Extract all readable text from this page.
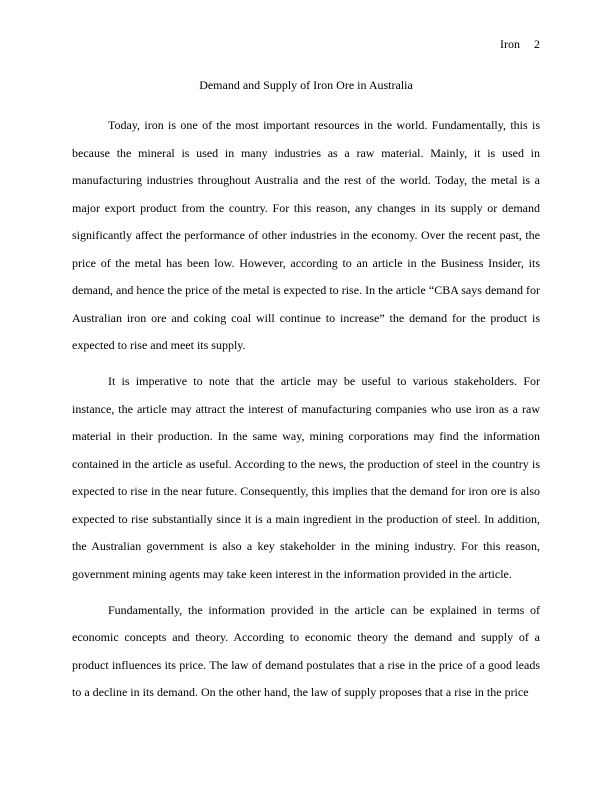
Iron 2
Demand and Supply of Iron Ore in Australia

Today, iron is one of the most important resources in the world. Fundamentally, this is because the mineral is used in many industries as a raw material. Mainly, it is used in manufacturing industries throughout Australia and the rest of the world. Today, the metal is a major export product from the country. For this reason, any changes in its supply or demand significantly affect the performance of other industries in the economy. Over the recent past, the price of the metal has been low. However, according to an article in the Business Insider, its demand, and hence the price of the metal is expected to rise. In the article “CBA says demand for Australian iron ore and coking coal will continue to increase” the demand for the product is expected to rise and meet its supply.

It is imperative to note that the article may be useful to various stakeholders. For instance, the article may attract the interest of manufacturing companies who use iron as a raw material in their production. In the same way, mining corporations may find the information contained in the article as useful. According to the news, the production of steel in the country is expected to rise in the near future. Consequently, this implies that the demand for iron ore is also expected to rise substantially since it is a main ingredient in the production of steel. In addition, the Australian government is also a key stakeholder in the mining industry. For this reason, government mining agents may take keen interest in the information provided in the article.

Fundamentally, the information provided in the article can be explained in terms of economic concepts and theory. According to economic theory the demand and supply of a product influences its price. The law of demand postulates that a rise in the price of a good leads to a decline in its demand. On the other hand, the law of supply proposes that a rise in the price
